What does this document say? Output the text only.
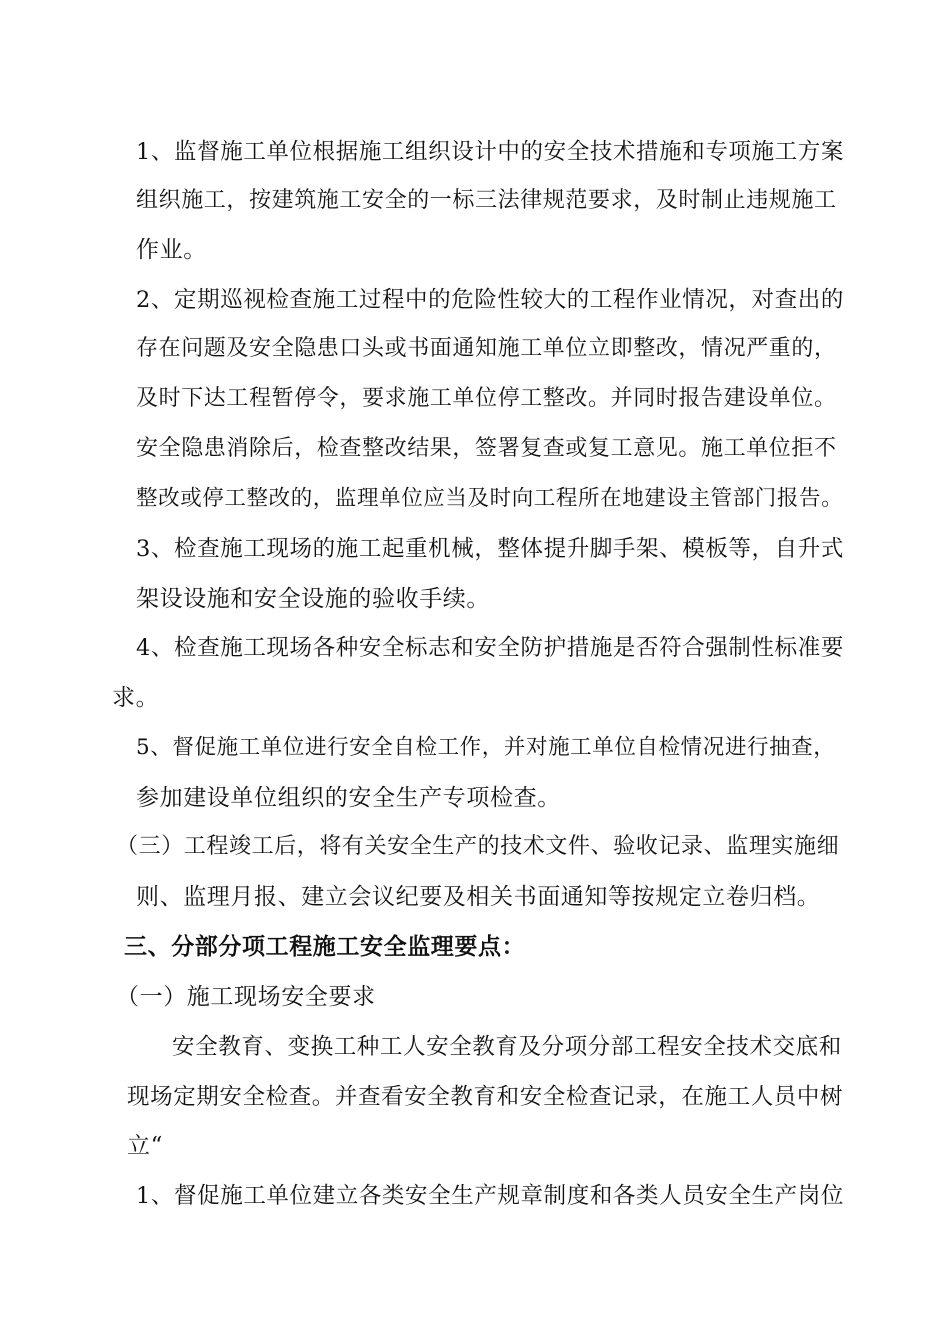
1、监督施工单位根据施工组织设计中的安全技术措施和专项施工方案
组织施工，按建筑施工安全的一标三法律规范要求，及时制止违规施工
作业。
2、定期巡视检查施工过程中的危险性较大的工程作业情况，对查出的
存在问题及安全隐患口头或书面通知施工单位立即整改，情况严重的，
及时下达工程暂停令，要求施工单位停工整改。并同时报告建设单位。
安全隐患消除后，检查整改结果，签署复查或复工意见。施工单位拒不
整改或停工整改的，监理单位应当及时向工程所在地建设主管部门报告。
3、检查施工现场的施工起重机械，整体提升脚手架、模板等，自升式
架设设施和安全设施的验收手续。
4、检查施工现场各种安全标志和安全防护措施是否符合强制性标准要
求。
5、督促施工单位进行安全自检工作，并对施工单位自检情况进行抽查，
参加建设单位组织的安全生产专项检查。
（三）工程竣工后，将有关安全生产的技术文件、验收记录、监理实施细
则、监理月报、建立会议纪要及相关书面通知等按规定立卷归档。
三、分部分项工程施工安全监理要点：
（一）施工现场安全要求
安全教育、变换工种工人安全教育及分项分部工程安全技术交底和
现场定期安全检查。并查看安全教育和安全检查记录，在施工人员中树
立“
1、督促施工单位建立各类安全生产规章制度和各类人员安全生产岗位
